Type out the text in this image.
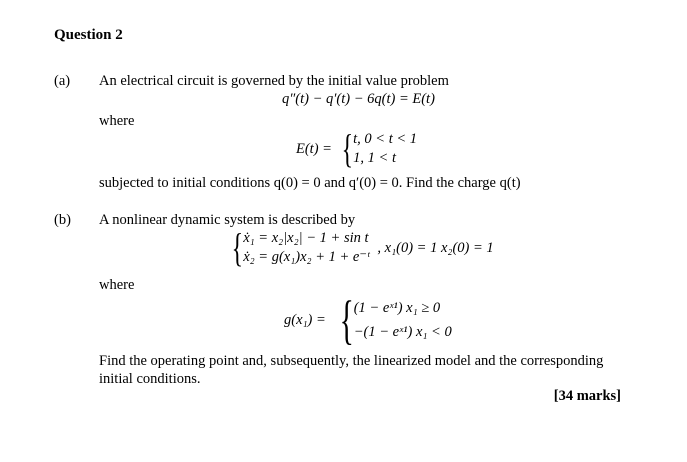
Question 2
(a) An electrical circuit is governed by the initial value problem
q″(t) − q′(t) − 6q(t) = E(t)
where
E(t) = { t, 0 < t < 1
1, 1 < t
subjected to initial conditions q(0) = 0 and q′(0) = 0. Find the charge q(t)
(b) A nonlinear dynamic system is described by
{ ẋ₁ = x₂|x₂| − 1 + sin t
ẋ₂ = g(x₁)x₂ + 1 + e⁻ᵗ
, x₁(0) = 1 x₂(0) = 1
where
g(x₁) = { (1 − eˣ¹) x₁ ≥ 0
−(1 − eˣ¹) x₁ < 0
Find the operating point and, subsequently, the linearized model and the corresponding
initial conditions.
[34 marks]
